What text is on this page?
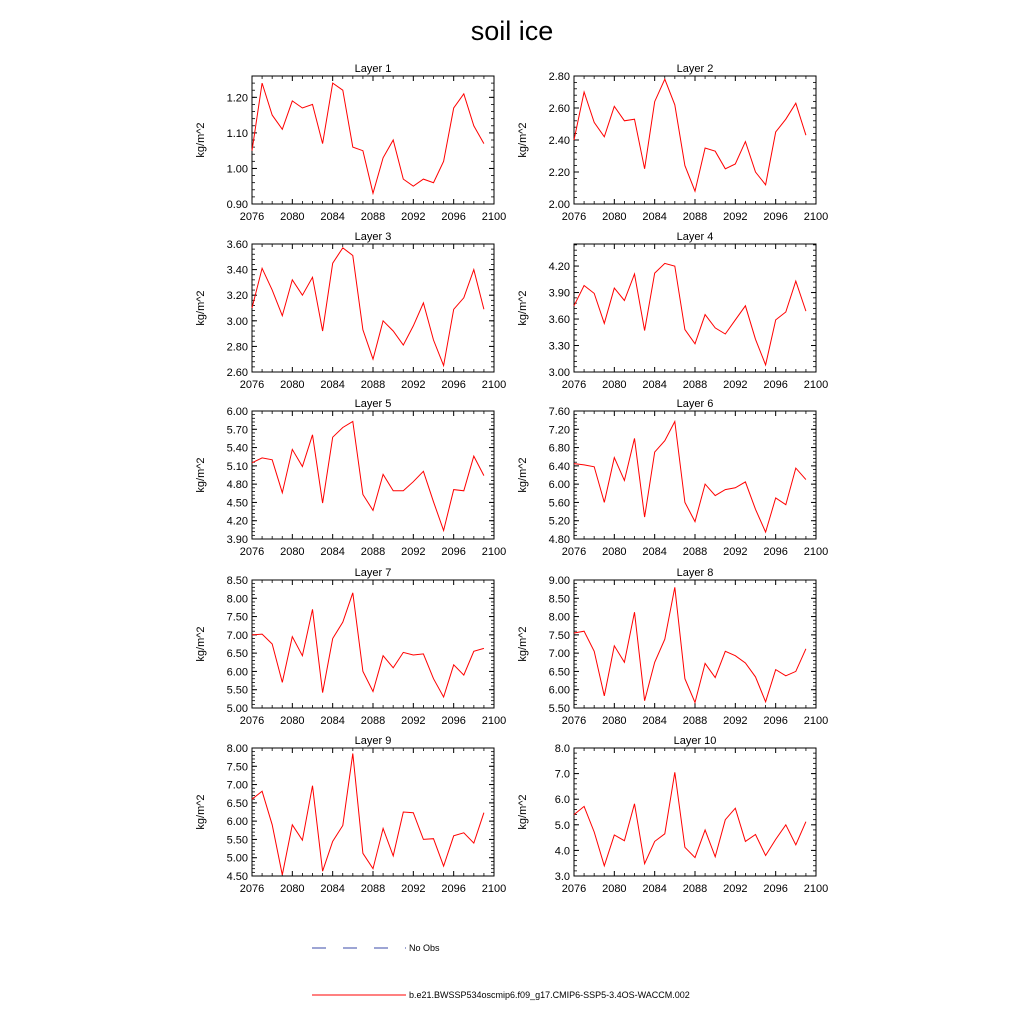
soil ice
2076 2080 2084 2088 2092 2096 2100
0.90
1.00
1.10
1.20
Layer 1
kg/m^2
2076 2080 2084 2088 2092 2096 2100
2.00
2.20
2.40
2.60
2.80
Layer 2
kg/m^2
2076 2080 2084 2088 2092 2096 2100
2.60
2.80
3.00
3.20
3.40
3.60
Layer 3
kg/m^2
2076 2080 2084 2088 2092 2096 2100
3.00
3.30
3.60
3.90
4.20
Layer 4
kg/m^2
2076 2080 2084 2088 2092 2096 2100
3.90
4.20
4.50
4.80
5.10
5.40
5.70
6.00
Layer 5
kg/m^2
2076 2080 2084 2088 2092 2096 2100
4.80
5.20
5.60
6.00
6.40
6.80
7.20
7.60
Layer 6
kg/m^2
2076 2080 2084 2088 2092 2096 2100
5.00
5.50
6.00
6.50
7.00
7.50
8.00
8.50
Layer 7
kg/m^2
2076 2080 2084 2088 2092 2096 2100
5.50
6.00
6.50
7.00
7.50
8.00
8.50
9.00
Layer 8
kg/m^2
2076 2080 2084 2088 2092 2096 2100
4.50
5.00
5.50
6.00
6.50
7.00
7.50
8.00
Layer 9
kg/m^2
2076 2080 2084 2088 2092 2096 2100
3.0
4.0
5.0
6.0
7.0
8.0
Layer 10
kg/m^2
No Obs
b.e21.BWSSP534oscmip6.f09_g17.CMIP6-SSP5-3.4OS-WACCM.002
